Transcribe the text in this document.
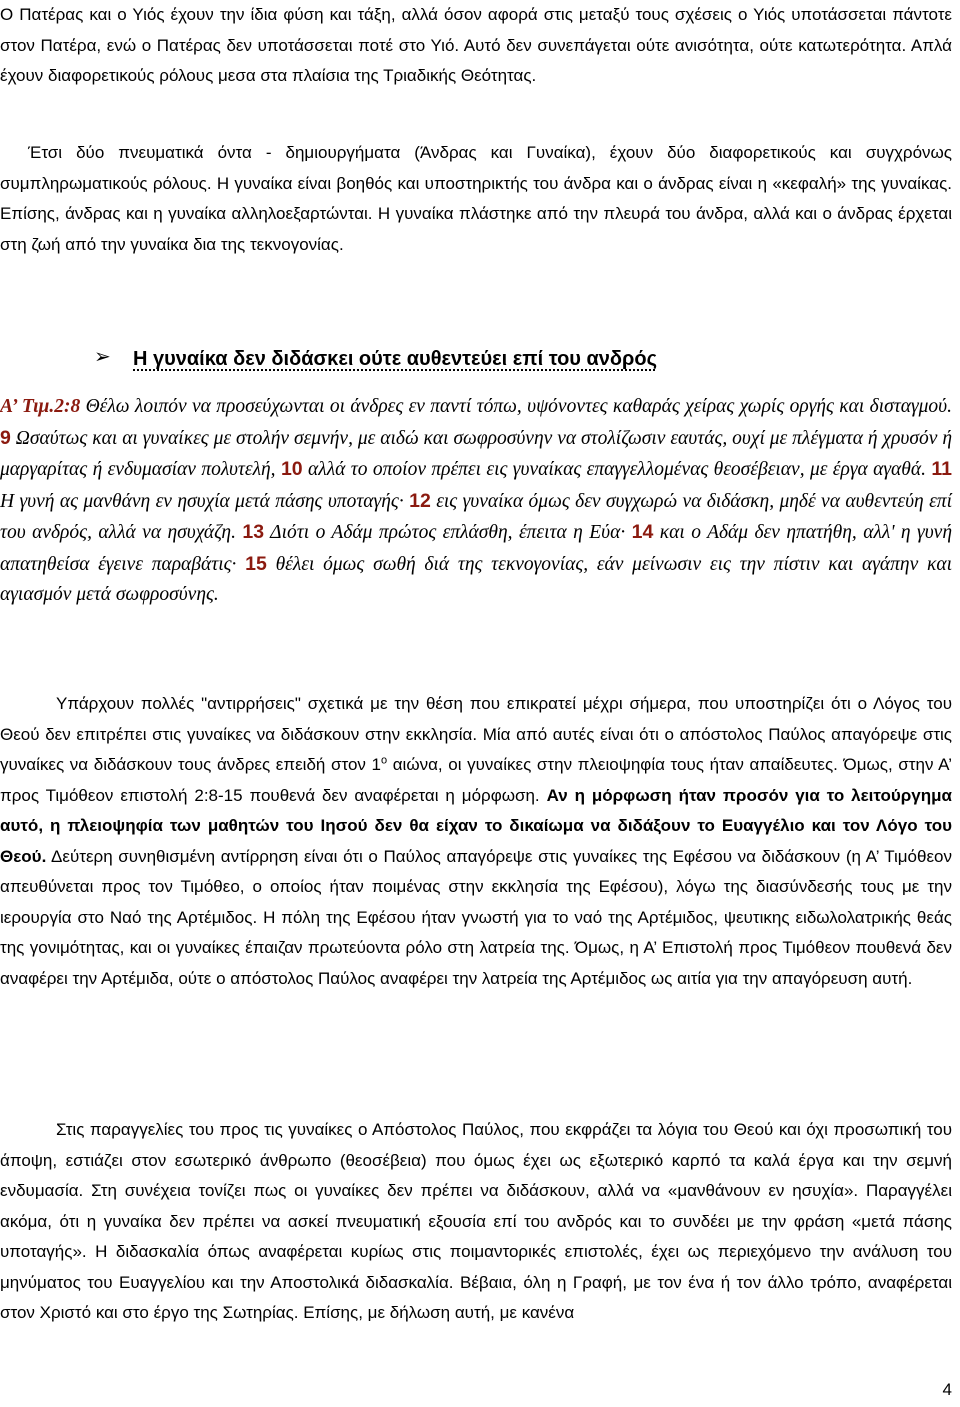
Ο Πατέρας και ο Υιός έχουν την ίδια φύση και τάξη, αλλά όσον αφορά στις μεταξύ τους σχέσεις ο Υιός υποτάσσεται πάντοτε στον Πατέρα, ενώ ο Πατέρας δεν υποτάσσεται ποτέ στο Υιό. Αυτό δεν συνεπάγεται ούτε ανισότητα, ούτε κατωτερότητα. Απλά έχουν διαφορετικούς ρόλους μεσα στα πλαίσια της Τριαδικής Θεότητας.

Έτσι δύο πνευματικά όντα - δημιουργήματα (Άνδρας και Γυναίκα), έχουν δύο διαφορετικούς και συγχρόνως συμπληρωματικούς ρόλους. Η γυναίκα είναι βοηθός και υποστηρικτής του άνδρα και ο άνδρας είναι η «κεφαλή» της γυναίκας. Επίσης, άνδρας και η γυναίκα αλληλοεξαρτώνται. Η γυναίκα πλάστηκε από την πλευρά του άνδρα, αλλά και ο άνδρας έρχεται στη ζωή από την γυναίκα δια της τεκνογονίας.

➢ Η γυναίκα δεν διδάσκει ούτε αυθεντεύει επί του ανδρός

Α’ Τιμ.2:8 Θέλω λοιπόν να προσεύχωνται οι άνδρες εν παντί τόπω, υψόνοντες καθαράς χείρας χωρίς οργής και δισταγμού. 9 Ωσαύτως και αι γυναίκες με στολήν σεμνήν, με αιδώ και σωφροσύνην να στολίζωσιν εαυτάς, ουχί με πλέγματα ή χρυσόν ή μαργαρίτας ή ενδυμασίαν πολυτελή, 10 αλλά το οποίον πρέπει εις γυναίκας επαγγελλομένας θεοσέβειαν, με έργα αγαθά. 11 Η γυνή ας μανθάνη εν ησυχία μετά πάσης υποταγής· 12 εις γυναίκα όμως δεν συγχωρώ να διδάσκη, μηδέ να αυθεντεύη επί του ανδρός, αλλά να ησυχάζη. 13 Διότι ο Αδάμ πρώτος επλάσθη, έπειτα η Εύα· 14 και ο Αδάμ δεν ηπατήθη, αλλ' η γυνή απατηθείσα έγεινε παραβάτις· 15 θέλει όμως σωθή διά της τεκνογονίας, εάν μείνωσιν εις την πίστιν και αγάπην και αγιασμόν μετά σωφροσύνης.

Υπάρχουν πολλές "αντιρρήσεις" σχετικά με την θέση που επικρατεί μέχρι σήμερα, που υποστηρίζει ότι ο Λόγος του Θεού δεν επιτρέπει στις γυναίκες να διδάσκουν στην εκκλησία. Μία από αυτές είναι ότι ο απόστολος Παύλος απαγόρεψε στις γυναίκες να διδάσκουν τους άνδρες επειδή στον $1^o$ αιώνα, οι γυναίκες στην πλειοψηφία τους ήταν απαίδευτες. Όμως, στην Α’ προς Τιμόθεον επιστολή 2:8-15 πουθενά δεν αναφέρεται η μόρφωση. Αν η μόρφωση ήταν προσόν για το λειτούργημα αυτό, η πλειοψηφία των μαθητών του Ιησού δεν θα είχαν το δικαίωμα να διδάξουν το Ευαγγέλιο και τον Λόγο του Θεού. Δεύτερη συνηθισμένη αντίρρηση είναι ότι ο Παύλος απαγόρεψε στις γυναίκες της Εφέσου να διδάσκουν (η Α’ Τιμόθεον απευθύνεται προς τον Τιμόθεο, ο οποίος ήταν ποιμένας στην εκκλησία της Εφέσου), λόγω της διασύνδεσής τους με την ιερουργία στο Ναό της Αρτέμιδος. Η πόλη της Εφέσου ήταν γνωστή για το ναό της Αρτέμιδος, ψευτικης ειδωλολατρικής θεάς της γονιμότητας, και οι γυναίκες έπαιζαν πρωτεύοντα ρόλο στη λατρεία της. Όμως, η Α’ Επιστολή προς Τιμόθεον πουθενά δεν αναφέρει την Αρτέμιδα, ούτε ο απόστολος Παύλος αναφέρει την λατρεία της Αρτέμιδος ως αιτία για την απαγόρευση αυτή.

Στις παραγγελίες του προς τις γυναίκες ο Απόστολος Παύλος, που εκφράζει τα λόγια του Θεού και όχι προσωπική του άποψη, εστιάζει στον εσωτερικό άνθρωπο (θεοσέβεια) που όμως έχει ως εξωτερικό καρπό τα καλά έργα και την σεμνή ενδυμασία. Στη συνέχεια τονίζει πως οι γυναίκες δεν πρέπει να διδάσκουν, αλλά να «μανθάνουν εν ησυχία». Παραγγέλει ακόμα, ότι η γυναίκα δεν πρέπει να ασκεί πνευματική εξουσία επί του ανδρός και το συνδέει με την φράση «μετά πάσης υποταγής». Η διδασκαλία όπως αναφέρεται κυρίως στις ποιμαντορικές επιστολές, έχει ως περιεχόμενο την ανάλυση του μηνύματος του Ευαγγελίου και την Αποστολικά διδασκαλία. Βέβαια, όλη η Γραφή, με τον ένα ή τον άλλο τρόπο, αναφέρεται στον Χριστό και στο έργο της Σωτηρίας. Επίσης, με δήλωση αυτή, με κανένα

4
